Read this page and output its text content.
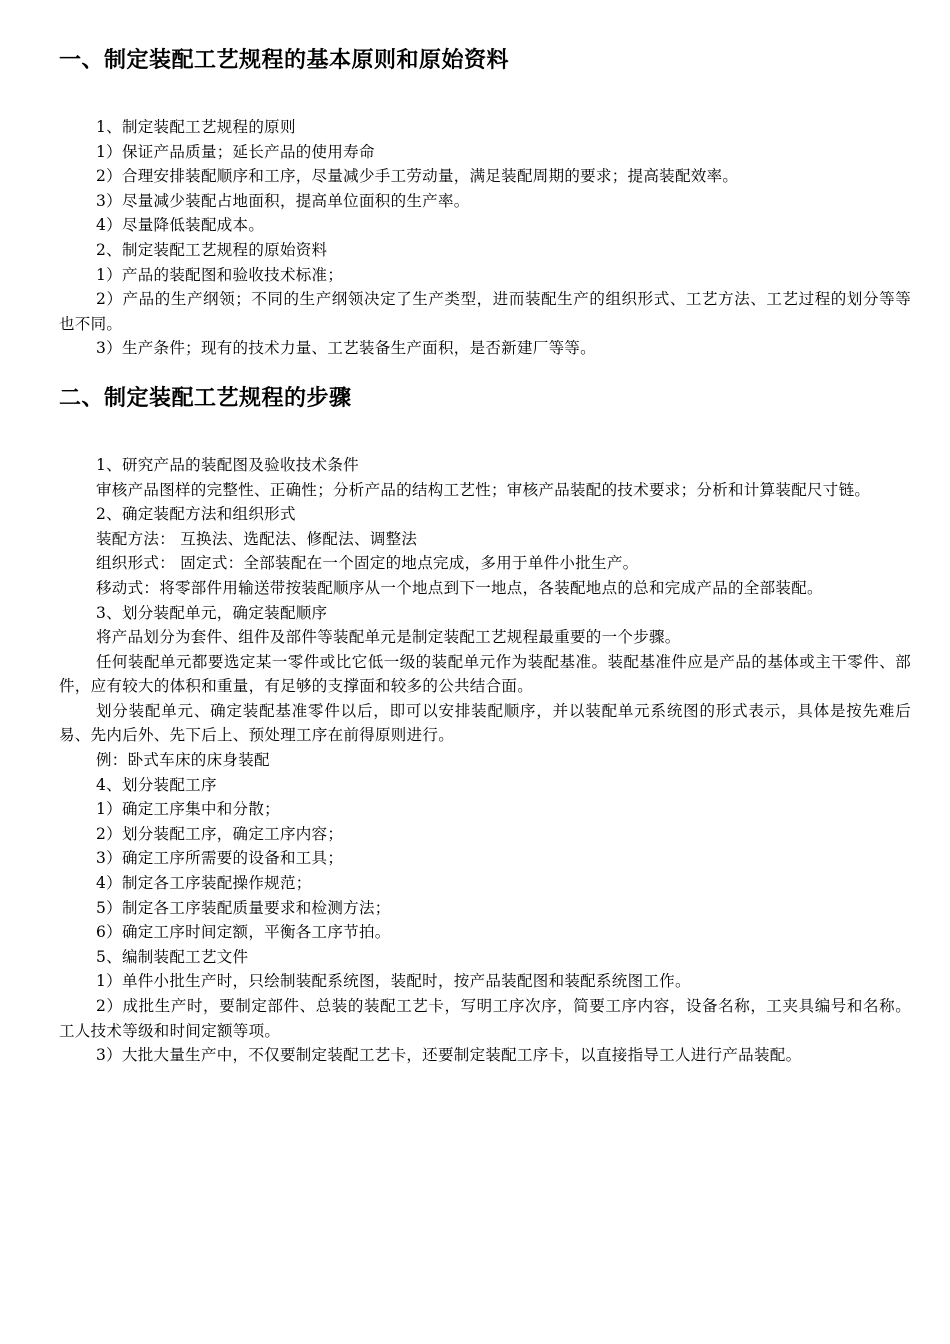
一、制定装配工艺规程的基本原则和原始资料

1、制定装配工艺规程的原则

1）保证产品质量；延长产品的使用寿命

2）合理安排装配顺序和工序，尽量减少手工劳动量，满足装配周期的要求；提高装配效率。

3）尽量减少装配占地面积，提高单位面积的生产率。

4）尽量降低装配成本。

2、制定装配工艺规程的原始资料

1）产品的装配图和验收技术标准；

2）产品的生产纲领；不同的生产纲领决定了生产类型，进而装配生产的组织形式、工艺方法、工艺过程的划分等等也不同。

3）生产条件；现有的技术力量、工艺装备生产面积，是否新建厂等等。

二、制定装配工艺规程的步骤

1、研究产品的装配图及验收技术条件

审核产品图样的完整性、正确性；分析产品的结构工艺性；审核产品装配的技术要求；分析和计算装配尺寸链。

2、确定装配方法和组织形式

装配方法： 互换法、选配法、修配法、调整法

组织形式： 固定式：全部装配在一个固定的地点完成，多用于单件小批生产。

移动式：将零部件用输送带按装配顺序从一个地点到下一地点，各装配地点的总和完成产品的全部装配。

3、划分装配单元，确定装配顺序

将产品划分为套件、组件及部件等装配单元是制定装配工艺规程最重要的一个步骤。

任何装配单元都要选定某一零件或比它低一级的装配单元作为装配基准。装配基准件应是产品的基体或主干零件、部件，应有较大的体积和重量，有足够的支撑面和较多的公共结合面。

划分装配单元、确定装配基准零件以后，即可以安排装配顺序，并以装配单元系统图的形式表示，具体是按先难后易、先内后外、先下后上、预处理工序在前得原则进行。

例：卧式车床的床身装配

4、划分装配工序

1）确定工序集中和分散；

2）划分装配工序，确定工序内容；

3）确定工序所需要的设备和工具；

4）制定各工序装配操作规范；

5）制定各工序装配质量要求和检测方法；

6）确定工序时间定额，平衡各工序节拍。

5、编制装配工艺文件

1）单件小批生产时，只绘制装配系统图，装配时，按产品装配图和装配系统图工作。

2）成批生产时，要制定部件、总装的装配工艺卡，写明工序次序，简要工序内容，设备名称，工夹具编号和名称。工人技术等级和时间定额等项。

3）大批大量生产中，不仅要制定装配工艺卡，还要制定装配工序卡，以直接指导工人进行产品装配。
